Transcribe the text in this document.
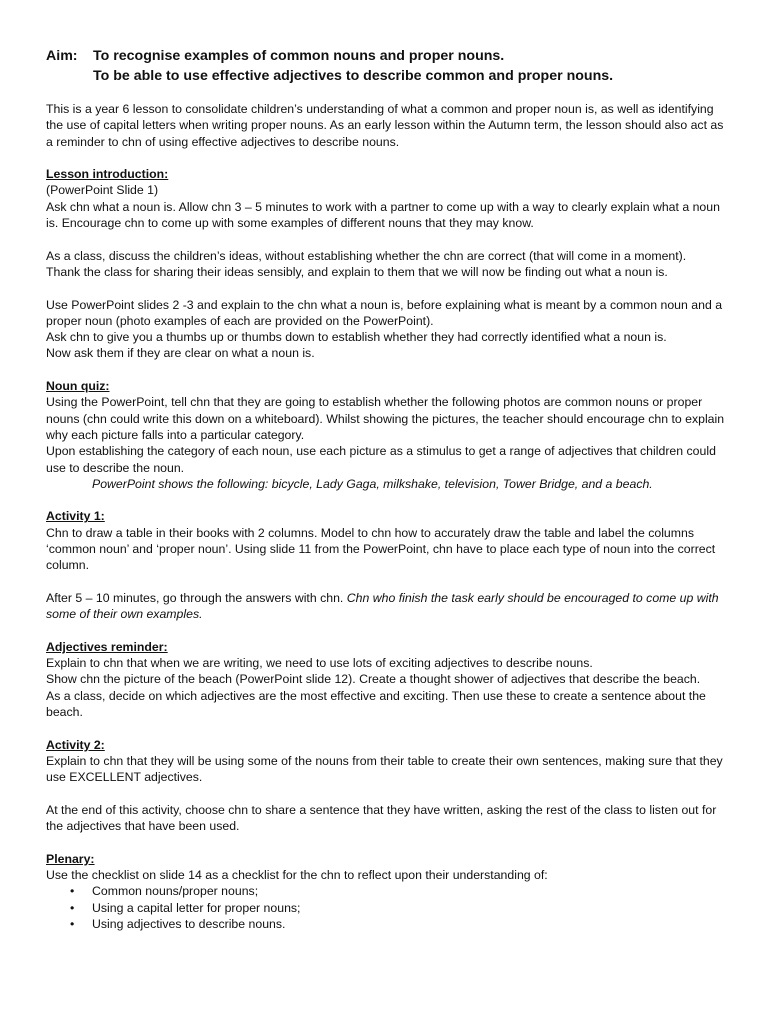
Aim: To recognise examples of common nouns and proper nouns.
To be able to use effective adjectives to describe common and proper nouns.

This is a year 6 lesson to consolidate children’s understanding of what a common and proper noun is, as well as identifying the use of capital letters when writing proper nouns. As an early lesson within the Autumn term, the lesson should also act as a reminder to chn of using effective adjectives to describe nouns.

Lesson introduction:
(PowerPoint Slide 1)
Ask chn what a noun is. Allow chn 3 – 5 minutes to work with a partner to come up with a way to clearly explain what a noun is. Encourage chn to come up with some examples of different nouns that they may know.

As a class, discuss the children’s ideas, without establishing whether the chn are correct (that will come in a moment).
Thank the class for sharing their ideas sensibly, and explain to them that we will now be finding out what a noun is.

Use PowerPoint slides 2 -3 and explain to the chn what a noun is, before explaining what is meant by a common noun and a proper noun (photo examples of each are provided on the PowerPoint).
Ask chn to give you a thumbs up or thumbs down to establish whether they had correctly identified what a noun is.
Now ask them if they are clear on what a noun is.

Noun quiz:
Using the PowerPoint, tell chn that they are going to establish whether the following photos are common nouns or proper nouns (chn could write this down on a whiteboard). Whilst showing the pictures, the teacher should encourage chn to explain why each picture falls into a particular category.
Upon establishing the category of each noun, use each picture as a stimulus to get a range of adjectives that children could use to describe the noun.
PowerPoint shows the following: bicycle, Lady Gaga, milkshake, television, Tower Bridge, and a beach.

Activity 1:
Chn to draw a table in their books with 2 columns. Model to chn how to accurately draw the table and label the columns ‘common noun’ and ‘proper noun’. Using slide 11 from the PowerPoint, chn have to place each type of noun into the correct column.

After 5 – 10 minutes, go through the answers with chn. Chn who finish the task early should be encouraged to come up with some of their own examples.

Adjectives reminder:
Explain to chn that when we are writing, we need to use lots of exciting adjectives to describe nouns.
Show chn the picture of the beach (PowerPoint slide 12). Create a thought shower of adjectives that describe the beach.
As a class, decide on which adjectives are the most effective and exciting. Then use these to create a sentence about the beach.

Activity 2:
Explain to chn that they will be using some of the nouns from their table to create their own sentences, making sure that they use EXCELLENT adjectives.

At the end of this activity, choose chn to share a sentence that they have written, asking the rest of the class to listen out for the adjectives that have been used.

Plenary:
Use the checklist on slide 14 as a checklist for the chn to reflect upon their understanding of:

• Common nouns/proper nouns;
• Using a capital letter for proper nouns;
• Using adjectives to describe nouns.
